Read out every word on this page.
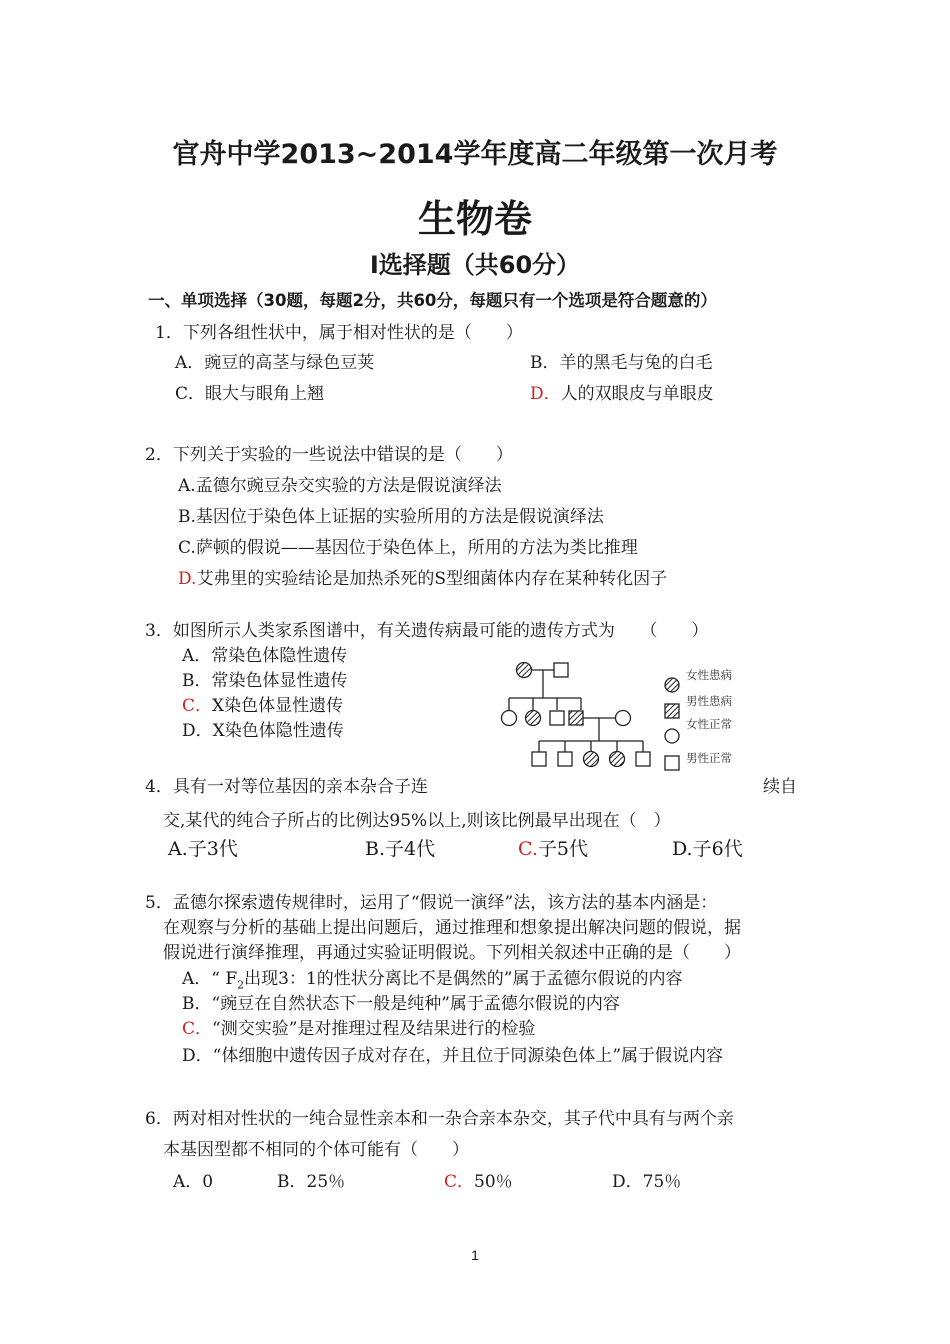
官舟中学2013~2014学年度高二年级第一次月考
生物卷
I选择题（共60分）
一、单项选择（30题，每题2分，共60分，每题只有一个选项是符合题意的）
1．下列各组性状中，属于相对性状的是（　　）
A．豌豆的高茎与绿色豆荚	B．羊的黑毛与兔的白毛
C．眼大与眼角上翘	D．人的双眼皮与单眼皮
2．下列关于实验的一些说法中错误的是（　　）
A.孟德尔豌豆杂交实验的方法是假说演绎法
B.基因位于染色体上证据的实验所用的方法是假说演绎法
C.萨顿的假说——基因位于染色体上，所用的方法为类比推理
D.艾弗里的实验结论是加热杀死的S型细菌体内存在某种转化因子
3．如图所示人类家系图谱中，有关遗传病最可能的遗传方式为　　（　　）
A．常染色体隐性遗传
B．常染色体显性遗传
C．X染色体显性遗传
D．X染色体隐性遗传
女性患病
男性患病
女性正常
男性正常
4．具有一对等位基因的亲本杂合子连	续自
交,某代的纯合子所占的比例达95%以上,则该比例最早出现在（　）
A.子3代	B.子4代	C.子5代	D.子6代
5．孟德尔探索遗传规律时，运用了“假说一演绎”法，该方法的基本内涵是：
在观察与分析的基础上提出问题后，通过推理和想象提出解决问题的假说，据
假说进行演绎推理，再通过实验证明假说。下列相关叙述中正确的是（　　）
A．“ $F_2$出现3：1的性状分离比不是偶然的”属于孟德尔假说的内容
B．“豌豆在自然状态下一般是纯种”属于孟德尔假说的内容
C．“测交实验”是对推理过程及结果进行的检验
D．“体细胞中遗传因子成对存在，并且位于同源染色体上”属于假说内容
6．两对相对性状的一纯合显性亲本和一杂合亲本杂交，其子代中具有与两个亲
本基因型都不相同的个体可能有（　　）
A．0	B．25％	C．50％	D．75％
1
